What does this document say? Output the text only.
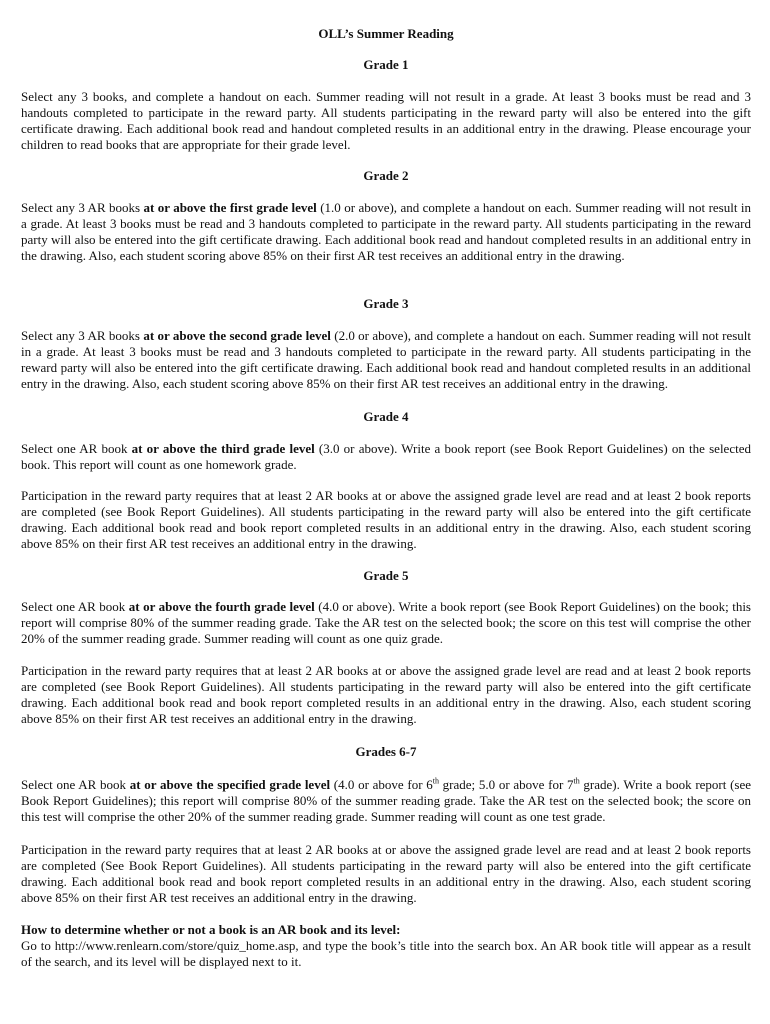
OLL’s Summer Reading
Grade 1
Select any 3 books, and complete a handout on each. Summer reading will not result in a grade. At least 3 books must be read and 3 handouts completed to participate in the reward party. All students participating in the reward party will also be entered into the gift certificate drawing. Each additional book read and handout completed results in an additional entry in the drawing. Please encourage your children to read books that are appropriate for their grade level.
Grade 2
Select any 3 AR books at or above the first grade level (1.0 or above), and complete a handout on each. Summer reading will not result in a grade. At least 3 books must be read and 3 handouts completed to participate in the reward party. All students participating in the reward party will also be entered into the gift certificate drawing. Each additional book read and handout completed results in an additional entry in the drawing. Also, each student scoring above 85% on their first AR test receives an additional entry in the drawing.
Grade 3
Select any 3 AR books at or above the second grade level (2.0 or above), and complete a handout on each. Summer reading will not result in a grade. At least 3 books must be read and 3 handouts completed to participate in the reward party. All students participating in the reward party will also be entered into the gift certificate drawing. Each additional book read and handout completed results in an additional entry in the drawing. Also, each student scoring above 85% on their first AR test receives an additional entry in the drawing.
Grade 4
Select one AR book at or above the third grade level (3.0 or above). Write a book report (see Book Report Guidelines) on the selected book. This report will count as one homework grade.
Participation in the reward party requires that at least 2 AR books at or above the assigned grade level are read and at least 2 book reports are completed (see Book Report Guidelines). All students participating in the reward party will also be entered into the gift certificate drawing. Each additional book read and book report completed results in an additional entry in the drawing. Also, each student scoring above 85% on their first AR test receives an additional entry in the drawing.
Grade 5
Select one AR book at or above the fourth grade level (4.0 or above). Write a book report (see Book Report Guidelines) on the book; this report will comprise 80% of the summer reading grade. Take the AR test on the selected book; the score on this test will comprise the other 20% of the summer reading grade. Summer reading will count as one quiz grade.
Participation in the reward party requires that at least 2 AR books at or above the assigned grade level are read and at least 2 book reports are completed (see Book Report Guidelines). All students participating in the reward party will also be entered into the gift certificate drawing. Each additional book read and book report completed results in an additional entry in the drawing. Also, each student scoring above 85% on their first AR test receives an additional entry in the drawing.
Grades 6-7
Select one AR book at or above the specified grade level (4.0 or above for 6th grade; 5.0 or above for 7th grade). Write a book report (see Book Report Guidelines); this report will comprise 80% of the summer reading grade. Take the AR test on the selected book; the score on this test will comprise the other 20% of the summer reading grade. Summer reading will count as one test grade.
Participation in the reward party requires that at least 2 AR books at or above the assigned grade level are read and at least 2 book reports are completed (See Book Report Guidelines). All students participating in the reward party will also be entered into the gift certificate drawing. Each additional book read and book report completed results in an additional entry in the drawing. Also, each student scoring above 85% on their first AR test receives an additional entry in the drawing.
How to determine whether or not a book is an AR book and its level:
Go to http://www.renlearn.com/store/quiz_home.asp, and type the book’s title into the search box. An AR book title will appear as a result of the search, and its level will be displayed next to it.
